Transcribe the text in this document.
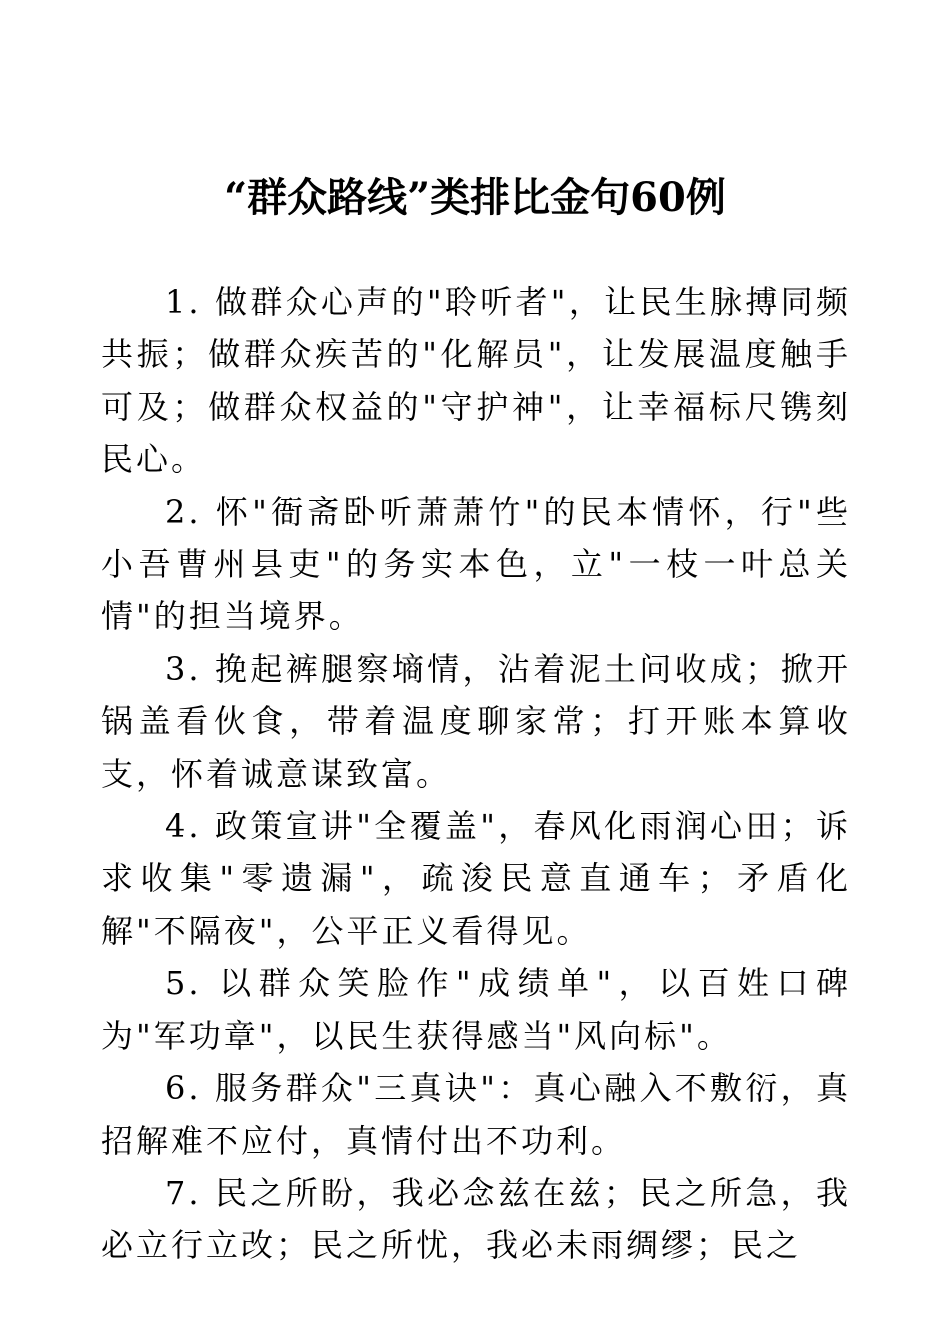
“群众路线”类排比金句60例

1. 做群众心声的"聆听者"，让民生脉搏同频共振；做群众疾苦的"化解员"，让发展温度触手可及；做群众权益的"守护神"，让幸福标尺镌刻民心。

2. 怀"衙斋卧听萧萧竹"的民本情怀，行"些小吾曹州县吏"的务实本色，立"一枝一叶总关情"的担当境界。

3. 挽起裤腿察墒情，沾着泥土问收成；掀开锅盖看伙食，带着温度聊家常；打开账本算收支，怀着诚意谋致富。

4. 政策宣讲"全覆盖"，春风化雨润心田；诉求收集"零遗漏"，疏浚民意直通车；矛盾化解"不隔夜"，公平正义看得见。

5. 以群众笑脸作"成绩单"，以百姓口碑为"军功章"，以民生获得感当"风向标"。

6. 服务群众"三真诀"：真心融入不敷衍，真招解难不应付，真情付出不功利。

7. 民之所盼，我必念兹在兹；民之所急，我必立行立改；民之所忧，我必未雨绸缪；民之
